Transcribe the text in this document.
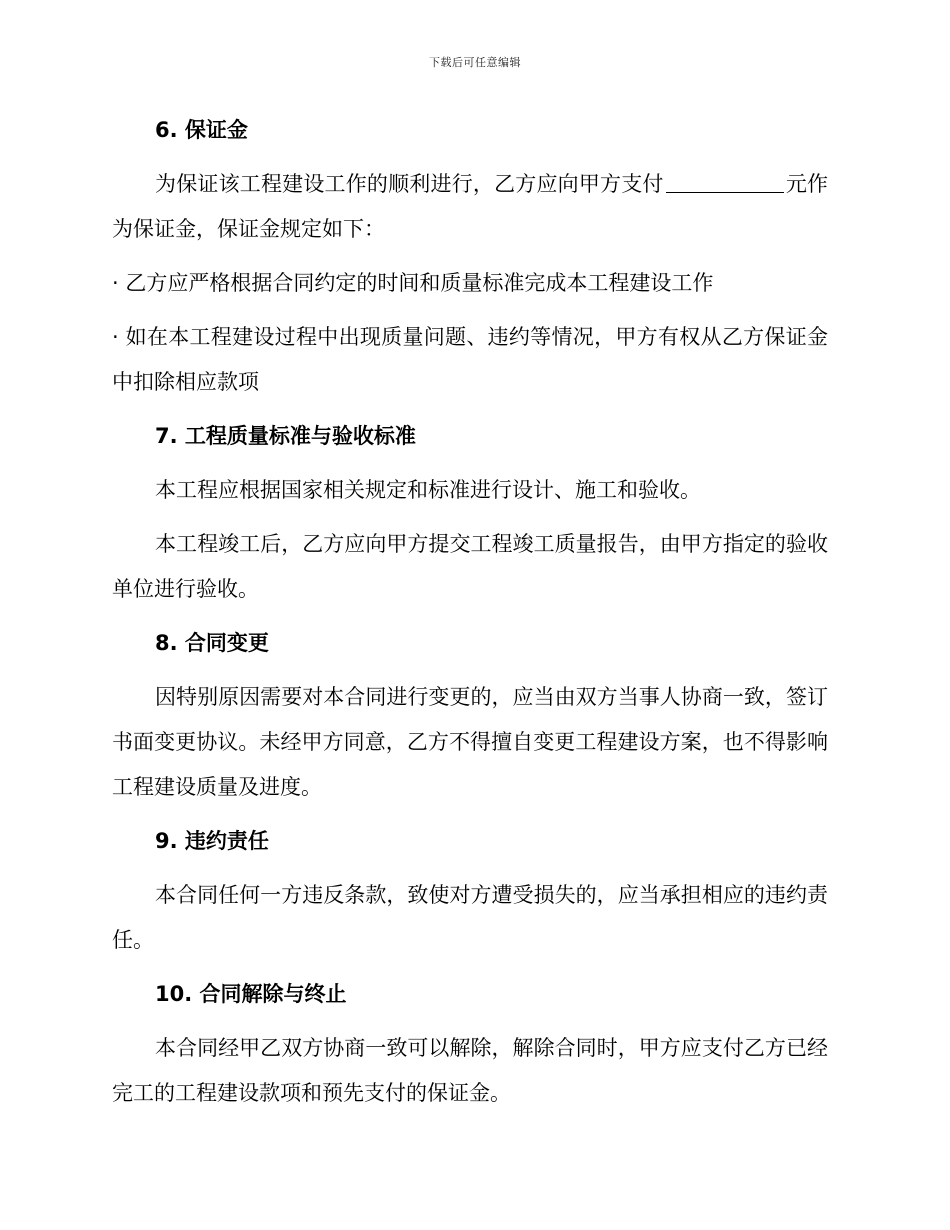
下载后可任意编辑
6. 保证金
为保证该工程建设工作的顺利进行，乙方应向甲方支付	元作为保证金，保证金规定如下：
· 乙方应严格根据合同约定的时间和质量标准完成本工程建设工作
· 如在本工程建设过程中出现质量问题、违约等情况，甲方有权从乙方保证金中扣除相应款项
7. 工程质量标准与验收标准
本工程应根据国家相关规定和标准进行设计、施工和验收。
本工程竣工后，乙方应向甲方提交工程竣工质量报告，由甲方指定的验收单位进行验收。
8. 合同变更
因特别原因需要对本合同进行变更的，应当由双方当事人协商一致，签订书面变更协议。未经甲方同意，乙方不得擅自变更工程建设方案，也不得影响工程建设质量及进度。
9. 违约责任
本合同任何一方违反条款，致使对方遭受损失的，应当承担相应的违约责任。
10. 合同解除与终止
本合同经甲乙双方协商一致可以解除，解除合同时，甲方应支付乙方已经完工的工程建设款项和预先支付的保证金。
